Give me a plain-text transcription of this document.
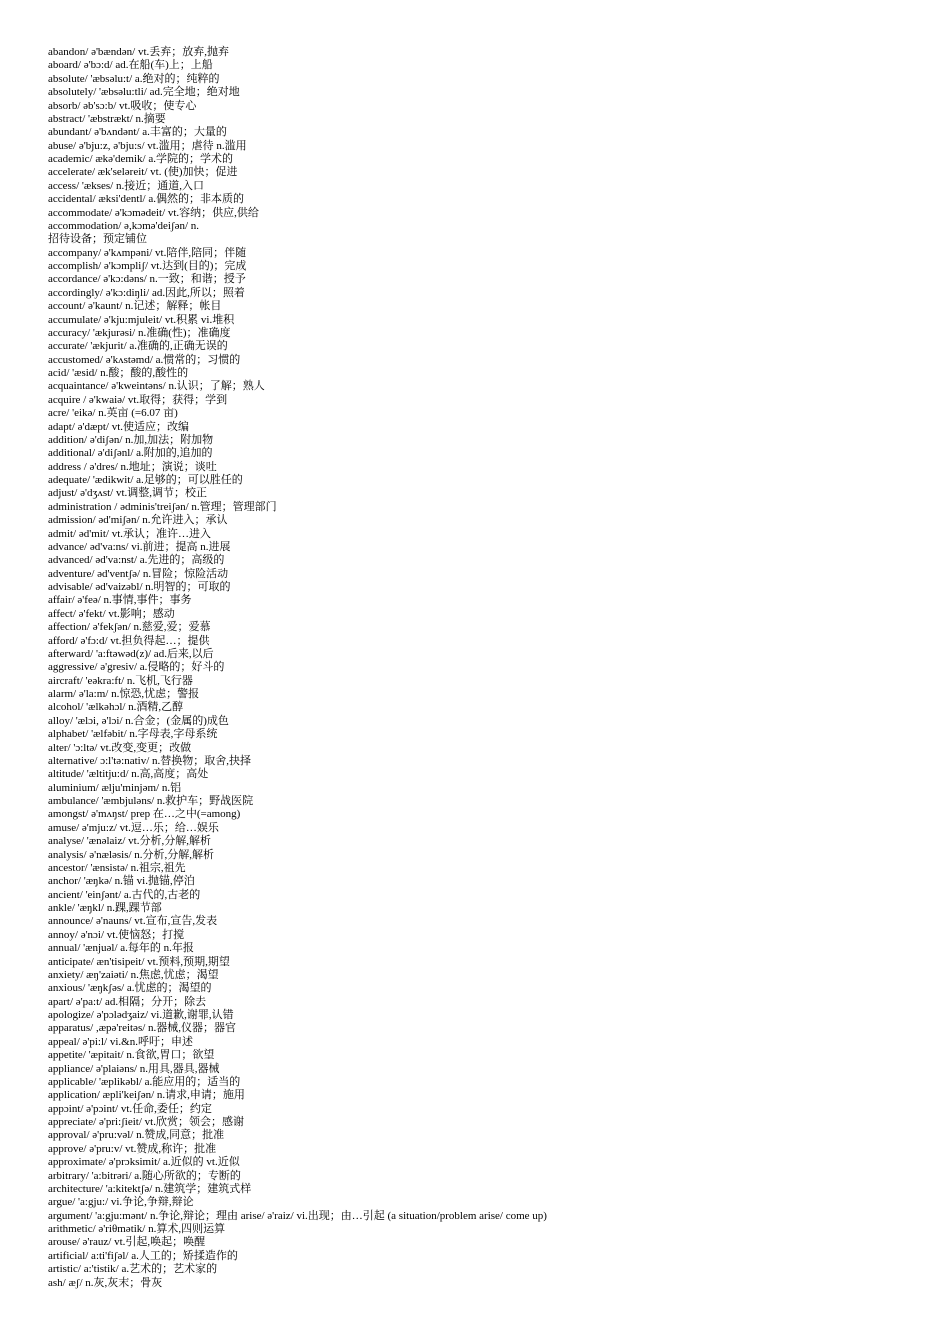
abandon/ ə'bændən/ vt.丢弃；放弃,抛弃
aboard/ ə'bɔ:d/ ad.在船(车)上；上船
absolute/ 'æbsəlu:t/ a.绝对的；纯粹的
absolutely/ 'æbsəlu:tli/ ad.完全地；绝对地
absorb/ əb'sɔ:b/ vt.吸收；使专心
abstract/ 'æbstrækt/ n.摘要
abundant/ ə'bʌndənt/ a.丰富的；大量的
abuse/ ə'bju:z, ə'bju:s/ vt.滥用；虐待 n.滥用
academic/ ækə'demik/ a.学院的；学术的
accelerate/ æk'seləreit/ vt. (使)加快；促进
access/ 'ækses/ n.接近；通道,入口
accidental/ æksi'dentl/ a.偶然的；非本质的
accommodate/ ə'kɔmədeit/ vt.容纳；供应,供给
accommodation/ ə,kɔmə'deiʃən/ n.
招待设备；预定铺位
accompany/ ə'kʌmpəni/ vt.陪伴,陪同；伴随
accomplish/ ə'kɔmpliʃ/ vt.达到(目的)；完成
accordance/ ə'kɔ:dəns/ n.一致；和谐；授予
accordingly/ ə'kɔ:diŋli/ ad.因此,所以；照着
account/ ə'kaunt/ n.记述；解释；帐目
accumulate/ ə'kju:mjuleit/ vt.积累 vi.堆积
accuracy/ 'ækjurəsi/ n.准确(性)；准确度
accurate/ 'ækjurit/ a.准确的,正确无误的
accustomed/ ə'kʌstəmd/ a.惯常的；习惯的
acid/ 'æsid/ n.酸；酸的,酸性的
acquaintance/ ə'kweintəns/ n.认识；了解；熟人
acquire / ə'kwaiə/ vt.取得；获得；学到
acre/ 'eikə/ n.英亩 (=6.07 亩)
adapt/ ə'dæpt/ vt.使适应；改编
addition/ ə'diʃən/ n.加,加法；附加物
additional/ ə'diʃənl/ a.附加的,追加的
address / ə'dres/ n.地址；演说；谈吐
adequate/ 'ædikwit/ a.足够的；可以胜任的
adjust/ ə'dʒʌst/ vt.调整,调节；校正
administration / ədminis'treiʃən/ n.管理；管理部门
admission/ əd'miʃən/ n.允许进入；承认
admit/ əd'mit/ vt.承认；准许…进入
advance/ əd'va:ns/ vi.前进；提高 n.进展
advanced/ əd'va:nst/ a.先进的；高级的
adventure/ əd'ventʃə/ n.冒险；惊险活动
advisable/ əd'vaizəbl/ n.明智的；可取的
affair/ ə'feə/ n.事情,事件；事务
affect/ ə'fekt/ vt.影响；感动
affection/ ə'fekʃən/ n.慈爱,爱；爱慕
afford/ ə'fɔ:d/ vt.担负得起…；提供
afterward/ 'a:ftəwəd(z)/ ad.后来,以后
aggressive/ ə'gresiv/ a.侵略的；好斗的
aircraft/ 'eəkra:ft/ n.飞机,飞行器
alarm/ ə'la:m/ n.惊恐,忧虑；警报
alcohol/ 'ælkəhɔl/ n.酒精,乙醇
alloy/ 'ælɔi, ə'lɔi/ n.合金；(金属的)成色
alphabet/ 'ælfəbit/ n.字母表,字母系统
alter/ 'ɔ:ltə/ vt.改变,变更；改做
alternative/ ɔ:l'tə:nativ/ n.替换物；取舍,抉择
altitude/ 'æltitju:d/ n.高,高度；高处
aluminium/ ælju'minjəm/ n.铝
ambulance/ 'æmbjuləns/ n.救护车；野战医院
amongst/ ə'mʌŋst/ prep 在…之中(=among)
amuse/ ə'mju:z/ vt.逗…乐；给…娱乐
analyse/ 'ænəlaiz/ vt.分析,分解,解析
analysis/ ə'næləsis/ n.分析,分解,解析
ancestor/ 'ænsistə/ n.祖宗,祖先
anchor/ 'æŋkə/ n.锚 vi.抛锚,停泊
ancient/ 'einʃənt/ a.古代的,古老的
ankle/ 'æŋkl/ n.踝,踝节部
announce/ ə'nauns/ vt.宣布,宣告,发表
annoy/ ə'nɔi/ vt.使恼怒；打搅
annual/ 'ænjuəl/ a.每年的 n.年报
anticipate/ æn'tisipeit/ vt.预料,预期,期望
anxiety/ æŋ'zaiəti/ n.焦虑,忧虑；渴望
anxious/ 'æŋkʃəs/ a.忧虑的；渴望的
apart/ ə'pa:t/ ad.相隔；分开；除去
apologize/ ə'pɔlədʒaiz/ vi.道歉,谢罪,认错
apparatus/ ,æpə'reitəs/ n.器械,仪器；器官
appeal/ ə'pi:l/ vi.&n.呼吁；申述
appetite/ 'æpitait/ n.食欲,胃口；欲望
appliance/ ə'plaiəns/ n.用具,器具,器械
applicable/ 'æplikəbl/ a.能应用的；适当的
application/ æpli'keiʃən/ n.请求,申请；施用
appɔint/ ə'pɔint/ vt.任命,委任；约定
appreciate/ ə'pri:ʃieit/ vt.欣赏；领会；感谢
approval/ ə'pru:vəl/ n.赞成,同意；批准
approve/ ə'pru:v/ vt.赞成,称许；批准
approximate/ ə'prɔksimit/ a.近似的 vt.近似
arbitrary/ 'a:bitrəri/ a.随心所欲的；专断的
architecture/ 'a:kitektʃə/ n.建筑学；建筑式样
argue/ 'a:gju:/ vi.争论,争辩,辩论
argument/ 'a:gju:mənt/ n.争论,辩论；理由 arise/ ə'raiz/ vi.出现；由…引起 (a situation/problem arise/ come up)
arithmetic/ ə'riθmətik/ n.算术,四则运算
arouse/ ə'rauz/ vt.引起,唤起；唤醒
artificial/ a:ti'fiʃəl/ a.人工的；矫揉造作的
artistic/ a:'tistik/ a.艺术的；艺术家的
ash/ æʃ/ n.灰,灰末；骨灰
